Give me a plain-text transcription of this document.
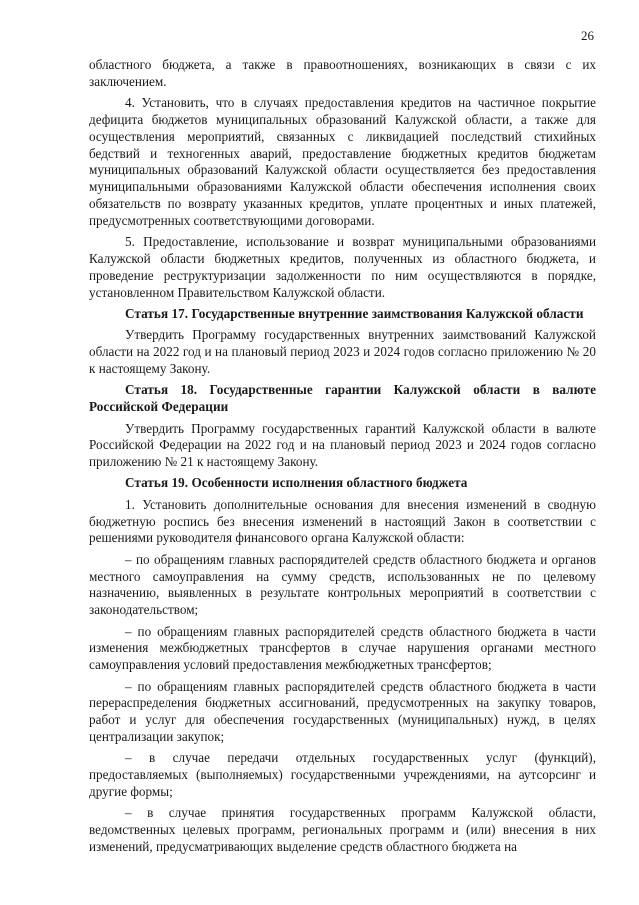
26

областного бюджета, а также в правоотношениях, возникающих в связи с их заключением.

4. Установить, что в случаях предоставления кредитов на частичное покрытие дефицита бюджетов муниципальных образований Калужской области, а также для осуществления мероприятий, связанных с ликвидацией последствий стихийных бедствий и техногенных аварий, предоставление бюджетных кредитов бюджетам муниципальных образований Калужской области осуществляется без предоставления муниципальными образованиями Калужской области обеспечения исполнения своих обязательств по возврату указанных кредитов, уплате процентных и иных платежей, предусмотренных соответствующими договорами.

5. Предоставление, использование и возврат муниципальными образованиями Калужской области бюджетных кредитов, полученных из областного бюджета, и проведение реструктуризации задолженности по ним осуществляются в порядке, установленном Правительством Калужской области.

Статья 17. Государственные внутренние заимствования Калужской области

Утвердить Программу государственных внутренних заимствований Калужской области на 2022 год и на плановый период 2023 и 2024 годов согласно приложению № 20 к настоящему Закону.

Статья 18. Государственные гарантии Калужской области в валюте Российской Федерации

Утвердить Программу государственных гарантий Калужской области в валюте Российской Федерации на 2022 год и на плановый период 2023 и 2024 годов согласно приложению № 21 к настоящему Закону.

Статья 19. Особенности исполнения областного бюджета

1. Установить дополнительные основания для внесения изменений в сводную бюджетную роспись без внесения изменений в настоящий Закон в соответствии с решениями руководителя финансового органа Калужской области:

– по обращениям главных распорядителей средств областного бюджета и органов местного самоуправления на сумму средств, использованных не по целевому назначению, выявленных в результате контрольных мероприятий в соответствии с законодательством;

– по обращениям главных распорядителей средств областного бюджета в части изменения межбюджетных трансфертов в случае нарушения органами местного самоуправления условий предоставления межбюджетных трансфертов;

– по обращениям главных распорядителей средств областного бюджета в части перераспределения бюджетных ассигнований, предусмотренных на закупку товаров, работ и услуг для обеспечения государственных (муниципальных) нужд, в целях централизации закупок;

– в случае передачи отдельных государственных услуг (функций), предоставляемых (выполняемых) государственными учреждениями, на аутсорсинг и другие формы;

– в случае принятия государственных программ Калужской области, ведомственных целевых программ, региональных программ и (или) внесения в них изменений, предусматривающих выделение средств областного бюджета на
